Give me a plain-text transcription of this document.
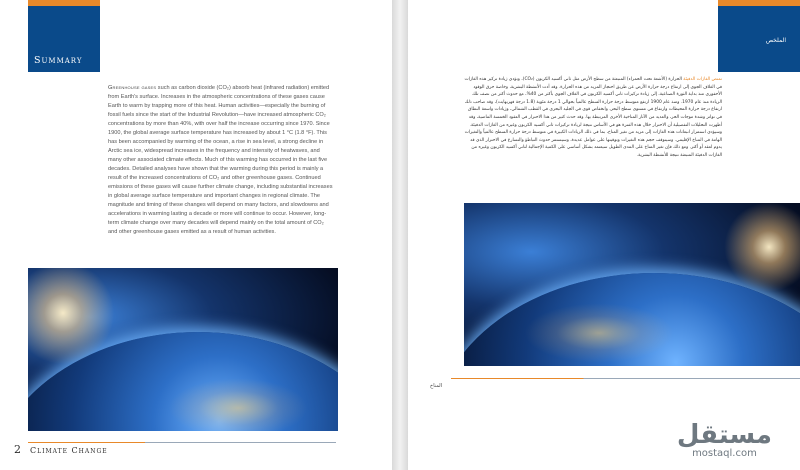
Summary

Greenhouse gases such as carbon dioxide (CO₂) absorb heat (infrared radiation) emitted from Earth's surface. Increases in the atmospheric concentrations of these gases cause Earth to warm by trapping more of this heat. Human activities—especially the burning of fossil fuels since the start of the Industrial Revolution—have increased atmospheric CO₂ concentrations by more than 40%, with over half the increase occurring since 1970. Since 1900, the global average surface temperature has increased by about 1 °C (1.8 °F). This has been accompanied by warming of the ocean, a rise in sea level, a strong decline in Arctic sea ice, widespread increases in the frequency and intensity of heatwaves, and many other associated climate effects. Much of this warming has occurred in the last five decades. Detailed analyses have shown that the warming during this period is mainly a result of the increased concentrations of CO₂ and other greenhouse gases. Continued emissions of these gases will cause further climate change, including substantial increases in global average surface temperature and important changes in regional climate. The magnitude and timing of these changes will depend on many factors, and slowdowns and accelerations in warming lasting a decade or more will continue to occur. However, long-term climate change over many decades will depend mainly on the total amount of CO₂ and other greenhouse gases emitted as a result of human activities.

2 Climate Change
الملخص

تمتص الغازات الدفيئة الحرارة (الأشعة تحت الحمراء) المنبعثة من سطح الأرض مثل ثاني أكسيد الكربون (CO₂)، وتؤدي زيادة تركيز هذه الغازات في الغلاف الجوي إلى ارتفاع درجة حرارة الأرض عن طريق احتجاز المزيد من هذه الحرارة. وقد أدت الأنشطة البشرية، وخاصة حرق الوقود الأحفوري منذ بداية الثورة الصناعية، إلى زيادة تركيزات ثاني أكسيد الكربون في الغلاف الجوي بأكثر من 40%، مع حدوث أكثر من نصف تلك الزيادة منذ عام 1970. ومنذ عام 1900 ارتفع متوسط درجة حرارة السطح عالمياً بحوالي 1 درجة مئوية (1.8 درجة فهرنهايت)، وقد صاحب ذلك ارتفاع درجة حرارة المحيطات وارتفاع في مستوى سطح البحر، وانخفاض قوي في الجليد البحري في القطب الشمالي، وزيادات واسعة النطاق في تواتر وشدة موجات الحر، والعديد من الآثار المناخية الأخرى المرتبطة بها. وقد حدث كثير من هذا الاحترار في العقود الخمسة الماضية، وقد أظهرت التحليلات التفصيلية أن الاحترار خلال هذه الفترة هو في الأساس نتيجة لزيادة تركيزات ثاني أكسيد الكربون وغيره من الغازات الدفيئة. وسيؤدي استمرار انبعاثات هذه الغازات إلى مزيد من تغير المناخ، بما في ذلك الزيادات الكبيرة في متوسط درجة حرارة السطح عالمياً والتغيرات الهامة في المناخ الإقليمي. وسيتوقف حجم هذه التغيرات وتوقيتها على عوامل عديدة، وسيستمر حدوث التباطؤ والتسارع في الاحترار الذي قد يدوم لعقد أو أكثر. ومع ذلك فإن تغير المناخ على المدى الطويل سيعتمد بشكل أساسي على الكمية الإجمالية لثاني أكسيد الكربون وغيره من الغازات الدفيئة المنبعثة نتيجة للأنشطة البشرية.

المناخ
مستقل
mostaql.com
